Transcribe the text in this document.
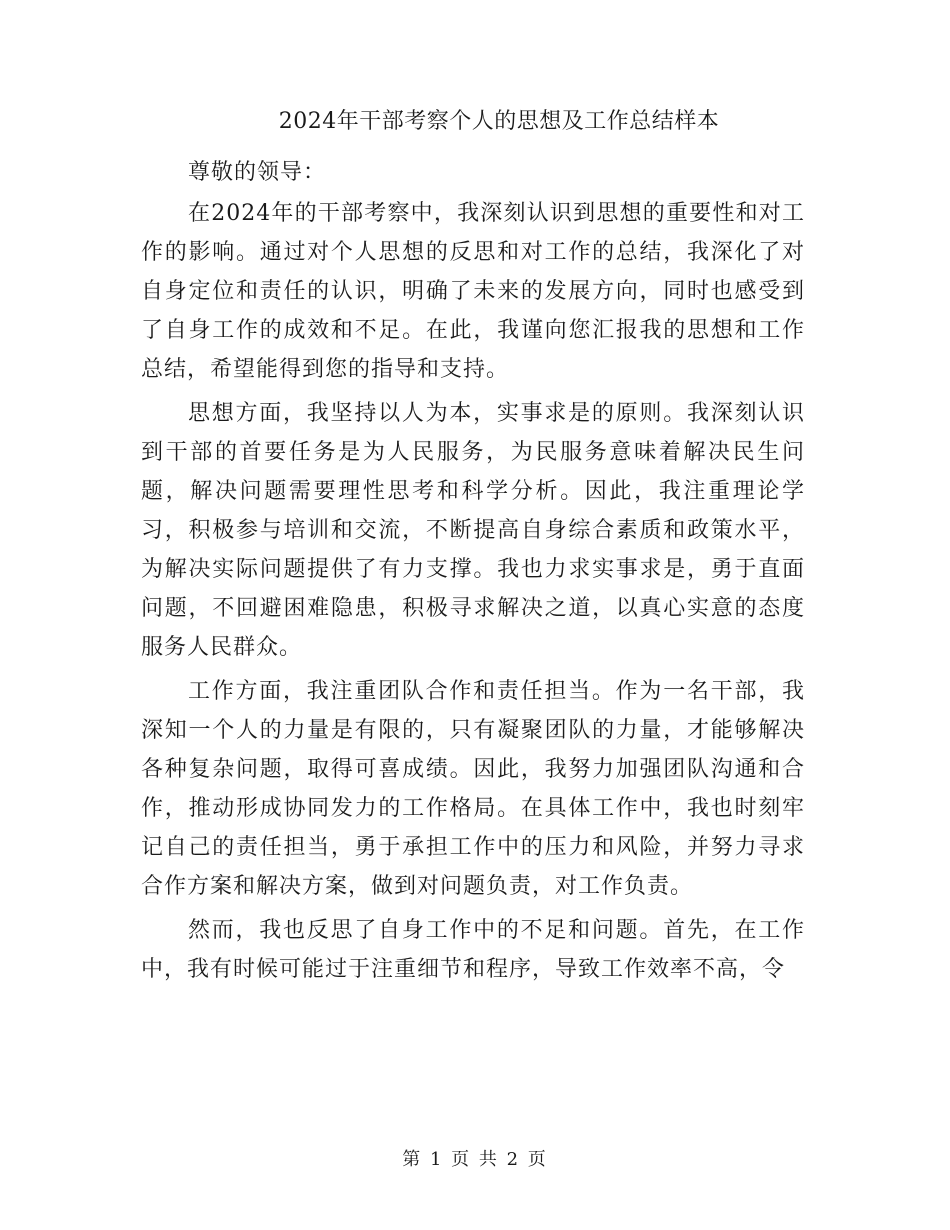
2024年干部考察个人的思想及工作总结样本

尊敬的领导：

在2024年的干部考察中，我深刻认识到思想的重要性和对工作的影响。通过对个人思想的反思和对工作的总结，我深化了对自身定位和责任的认识，明确了未来的发展方向，同时也感受到了自身工作的成效和不足。在此，我谨向您汇报我的思想和工作总结，希望能得到您的指导和支持。

思想方面，我坚持以人为本，实事求是的原则。我深刻认识到干部的首要任务是为人民服务，为民服务意味着解决民生问题，解决问题需要理性思考和科学分析。因此，我注重理论学习，积极参与培训和交流，不断提高自身综合素质和政策水平，为解决实际问题提供了有力支撑。我也力求实事求是，勇于直面问题，不回避困难隐患，积极寻求解决之道，以真心实意的态度服务人民群众。

工作方面，我注重团队合作和责任担当。作为一名干部，我深知一个人的力量是有限的，只有凝聚团队的力量，才能够解决各种复杂问题，取得可喜成绩。因此，我努力加强团队沟通和合作，推动形成协同发力的工作格局。在具体工作中，我也时刻牢记自己的责任担当，勇于承担工作中的压力和风险，并努力寻求合作方案和解决方案，做到对问题负责，对工作负责。

然而，我也反思了自身工作中的不足和问题。首先，在工作中，我有时候可能过于注重细节和程序，导致工作效率不高，令

第 1 页 共 2 页
